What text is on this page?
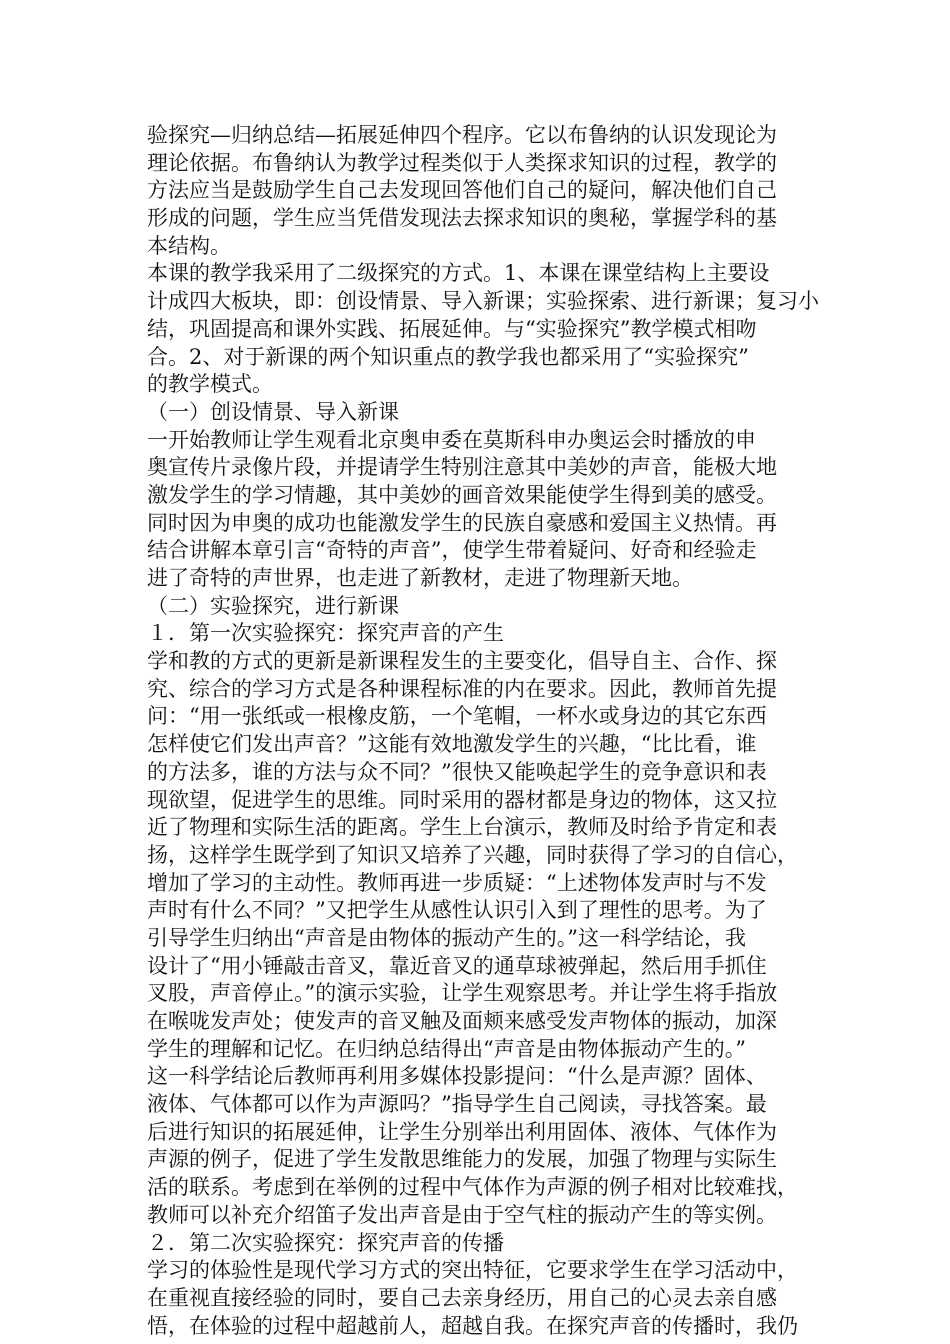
验探究—归纳总结—拓展延伸四个程序。它以布鲁纳的认识发现论为
理论依据。布鲁纳认为教学过程类似于人类探求知识的过程，教学的
方法应当是鼓励学生自己去发现回答他们自己的疑问，解决他们自己
形成的问题，学生应当凭借发现法去探求知识的奥秘，掌握学科的基
本结构。
本课的教学我采用了二级探究的方式。1、本课在课堂结构上主要设
计成四大板块，即：创设情景、导入新课；实验探索、进行新课；复习小
结，巩固提高和课外实践、拓展延伸。与“实验探究”教学模式相吻
合。2、对于新课的两个知识重点的教学我也都采用了“实验探究”
的教学模式。
（一）创设情景、导入新课
一开始教师让学生观看北京奥申委在莫斯科申办奥运会时播放的申
奥宣传片录像片段，并提请学生特别注意其中美妙的声音，能极大地
激发学生的学习情趣，其中美妙的画音效果能使学生得到美的感受。
同时因为申奥的成功也能激发学生的民族自豪感和爱国主义热情。再
结合讲解本章引言“奇特的声音”，使学生带着疑问、好奇和经验走
进了奇特的声世界，也走进了新教材，走进了物理新天地。
（二）实验探究，进行新课
１．第一次实验探究：探究声音的产生
学和教的方式的更新是新课程发生的主要变化，倡导自主、合作、探
究、综合的学习方式是各种课程标准的内在要求。因此，教师首先提
问：“用一张纸或一根橡皮筋，一个笔帽，一杯水或身边的其它东西
怎样使它们发出声音？”这能有效地激发学生的兴趣，“比比看，谁
的方法多，谁的方法与众不同？”很快又能唤起学生的竞争意识和表
现欲望，促进学生的思维。同时采用的器材都是身边的物体，这又拉
近了物理和实际生活的距离。学生上台演示，教师及时给予肯定和表
扬，这样学生既学到了知识又培养了兴趣，同时获得了学习的自信心，
增加了学习的主动性。教师再进一步质疑：“上述物体发声时与不发
声时有什么不同？”又把学生从感性认识引入到了理性的思考。为了
引导学生归纳出“声音是由物体的振动产生的。”这一科学结论，我
设计了“用小锤敲击音叉，靠近音叉的通草球被弹起，然后用手抓住
叉股，声音停止。”的演示实验，让学生观察思考。并让学生将手指放
在喉咙发声处；使发声的音叉触及面颊来感受发声物体的振动，加深
学生的理解和记忆。在归纳总结得出“声音是由物体振动产生的。”
这一科学结论后教师再利用多媒体投影提问：“什么是声源？固体、
液体、气体都可以作为声源吗？”指导学生自己阅读，寻找答案。最
后进行知识的拓展延伸，让学生分别举出利用固体、液体、气体作为
声源的例子，促进了学生发散思维能力的发展，加强了物理与实际生
活的联系。考虑到在举例的过程中气体作为声源的例子相对比较难找，
教师可以补充介绍笛子发出声音是由于空气柱的振动产生的等实例。
２．第二次实验探究：探究声音的传播
学习的体验性是现代学习方式的突出特征，它要求学生在学习活动中，
在重视直接经验的同时，要自己去亲身经历，用自己的心灵去亲自感
悟，在体验的过程中超越前人，超越自我。在探究声音的传播时，我仍
